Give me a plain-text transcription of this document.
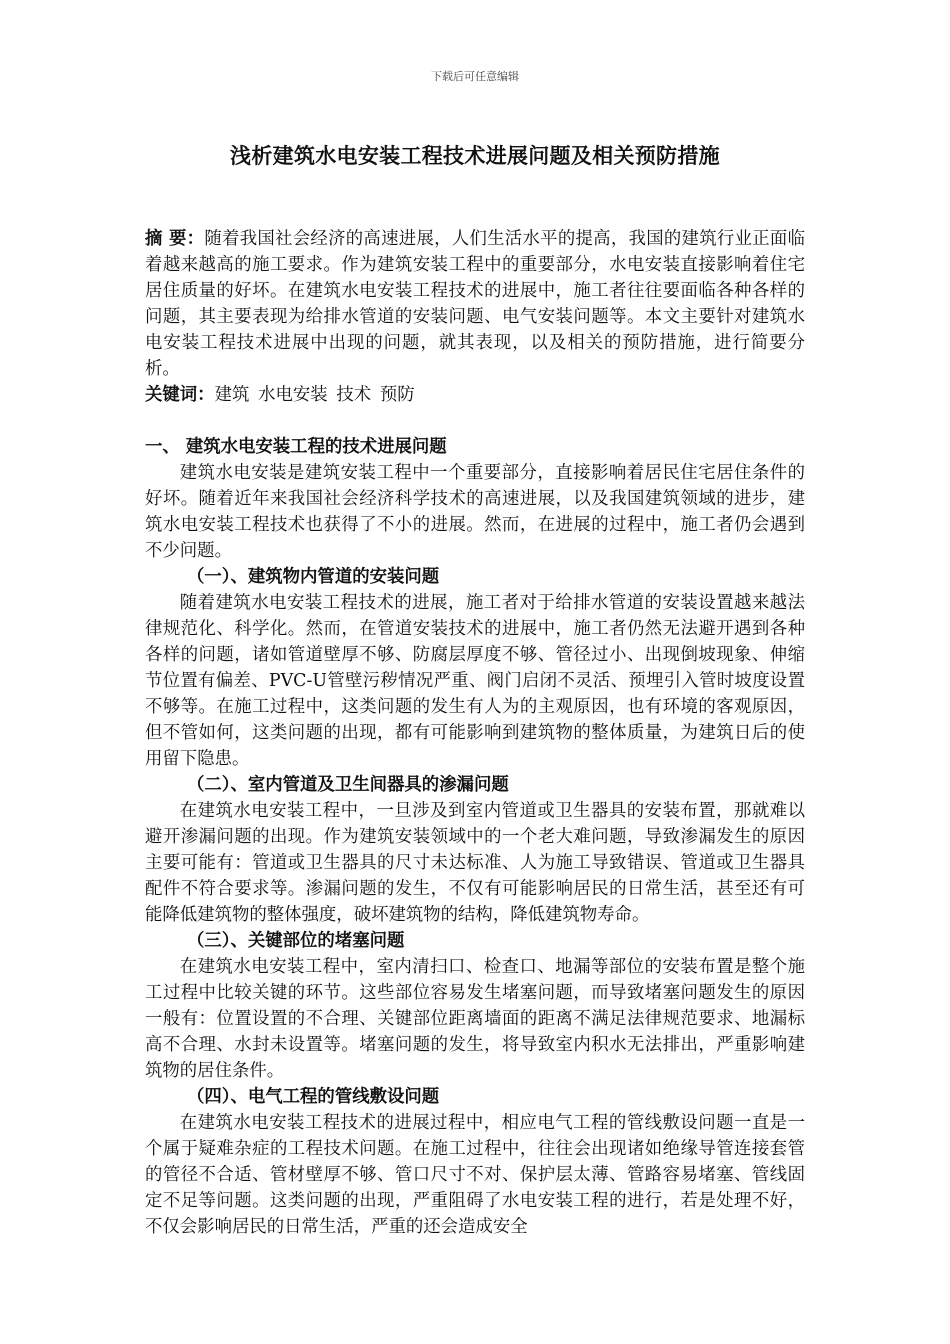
下载后可任意编辑
浅析建筑水电安装工程技术进展问题及相关预防措施

摘 要：随着我国社会经济的高速进展，人们生活水平的提高，我国的建筑行业正面临着越来越高的施工要求。作为建筑安装工程中的重要部分，水电安装直接影响着住宅居住质量的好坏。在建筑水电安装工程技术的进展中，施工者往往要面临各种各样的问题，其主要表现为给排水管道的安装问题、电气安装问题等。本文主要针对建筑水电安装工程技术进展中出现的问题，就其表现，以及相关的预防措施，进行简要分析。

关键词：建筑 水电安装 技术 预防

一、 建筑水电安装工程的技术进展问题

建筑水电安装是建筑安装工程中一个重要部分，直接影响着居民住宅居住条件的好坏。随着近年来我国社会经济科学技术的高速进展，以及我国建筑领域的进步，建筑水电安装工程技术也获得了不小的进展。然而，在进展的过程中，施工者仍会遇到不少问题。

（一）、建筑物内管道的安装问题

随着建筑水电安装工程技术的进展，施工者对于给排水管道的安装设置越来越法律规范化、科学化。然而，在管道安装技术的进展中，施工者仍然无法避开遇到各种各样的问题，诸如管道壁厚不够、防腐层厚度不够、管径过小、出现倒坡现象、伸缩节位置有偏差、PVC-U管壁污秽情况严重、阀门启闭不灵活、预埋引入管时坡度设置不够等。在施工过程中，这类问题的发生有人为的主观原因，也有环境的客观原因，但不管如何，这类问题的出现，都有可能影响到建筑物的整体质量，为建筑日后的使用留下隐患。

（二）、室内管道及卫生间器具的渗漏问题

在建筑水电安装工程中，一旦涉及到室内管道或卫生器具的安装布置，那就难以避开渗漏问题的出现。作为建筑安装领域中的一个老大难问题，导致渗漏发生的原因主要可能有：管道或卫生器具的尺寸未达标准、人为施工导致错误、管道或卫生器具配件不符合要求等。渗漏问题的发生，不仅有可能影响居民的日常生活，甚至还有可能降低建筑物的整体强度，破坏建筑物的结构，降低建筑物寿命。

（三）、关键部位的堵塞问题

在建筑水电安装工程中，室内清扫口、检查口、地漏等部位的安装布置是整个施工过程中比较关键的环节。这些部位容易发生堵塞问题，而导致堵塞问题发生的原因一般有：位置设置的不合理、关键部位距离墙面的距离不满足法律规范要求、地漏标高不合理、水封未设置等。堵塞问题的发生，将导致室内积水无法排出，严重影响建筑物的居住条件。

（四）、电气工程的管线敷设问题

在建筑水电安装工程技术的进展过程中，相应电气工程的管线敷设问题一直是一个属于疑难杂症的工程技术问题。在施工过程中，往往会出现诸如绝缘导管连接套管的管径不合适、管材壁厚不够、管口尺寸不对、保护层太薄、管路容易堵塞、管线固定不足等问题。这类问题的出现，严重阻碍了水电安装工程的进行，若是处理不好，不仅会影响居民的日常生活，严重的还会造成安全
